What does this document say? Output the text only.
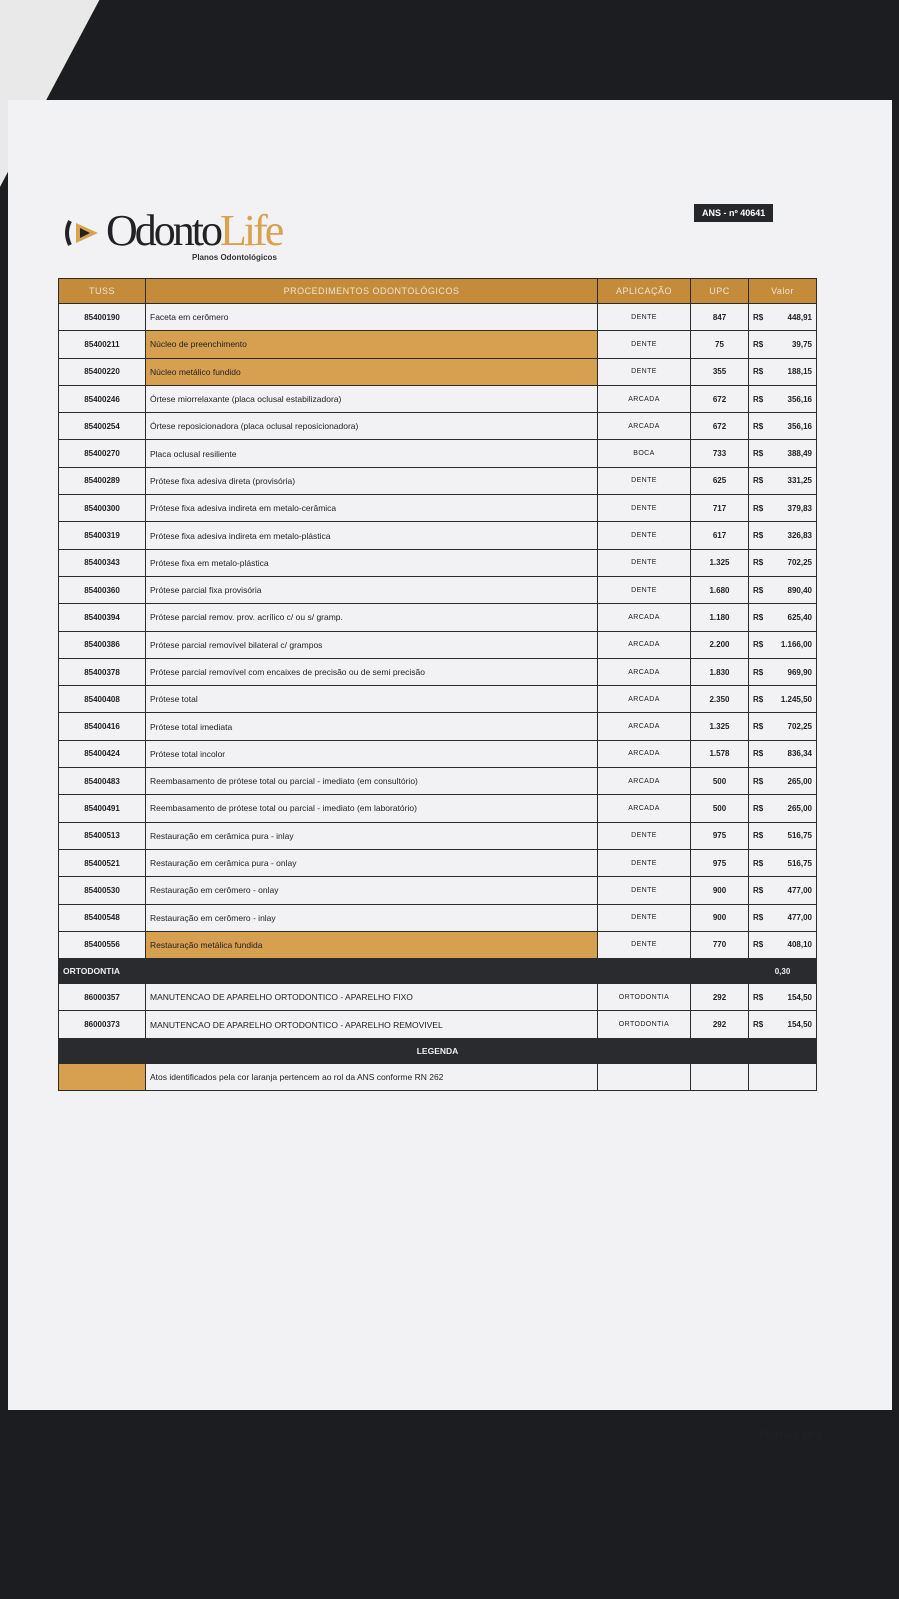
OdontoLife
Planos Odontológicos
ANS - nº 40641
TUSS	PROCEDIMENTOS ODONTOLÓGICOS	APLICAÇÃO	UPC	Valor
85400190	Faceta em cerômero	DENTE	847	R$ 448,91

85400211	Núcleo de preenchimento	DENTE	75	R$ 39,75

85400220	Núcleo metálico fundido	DENTE	355	R$ 188,15

85400246	Órtese miorrelaxante (placa oclusal estabilizadora)	ARCADA	672	R$ 356,16

85400254	Órtese reposicionadora (placa oclusal reposicionadora)	ARCADA	672	R$ 356,16

85400270	Placa oclusal resiliente	BOCA	733	R$ 388,49

85400289	Prótese fixa adesiva direta (provisória)	DENTE	625	R$ 331,25

85400300	Prótese fixa adesiva indireta em metalo-cerâmica	DENTE	717	R$ 379,83

85400319	Prótese fixa adesiva indireta em metalo-plástica	DENTE	617	R$ 326,83

85400343	Prótese fixa em metalo-plástica	DENTE	1.325	R$ 702,25

85400360	Prótese parcial fixa provisória	DENTE	1.680	R$ 890,40

85400394	Prótese parcial remov. prov. acrílico c/ ou s/ gramp.	ARCADA	1.180	R$ 625,40

85400386	Prótese parcial removível bilateral c/ grampos	ARCADA	2.200	R$ 1.166,00

85400378	Prótese parcial removível com encaixes de precisão ou de semi precisão	ARCADA	1.830	R$ 969,90

85400408	Prótese total	ARCADA	2.350	R$ 1.245,50

85400416	Prótese total imediata	ARCADA	1.325	R$ 702,25

85400424	Prótese total incolor	ARCADA	1.578	R$ 836,34

85400483	Reembasamento de prótese total ou parcial - imediato (em consultório)	ARCADA	500	R$ 265,00

85400491	Reembasamento de prótese total ou parcial - imediato (em laboratório)	ARCADA	500	R$ 265,00

85400513	Restauração em cerâmica pura - inlay	DENTE	975	R$ 516,75

85400521	Restauração em cerâmica pura - onlay	DENTE	975	R$ 516,75

85400530	Restauração em cerômero - onlay	DENTE	900	R$ 477,00

85400548	Restauração em cerômero - inlay	DENTE	900	R$ 477,00

85400556	Restauração metálica fundida	DENTE	770	R$ 408,10

ORTODONTIA				0,30
86000357	MANUTENCAO DE APARELHO ORTODONTICO - APARELHO FIXO	ORTODONTIA	292	R$ 154,50

86000373	MANUTENCAO DE APARELHO ORTODONTICO - APARELHO REMOVIVEL	ORTODONTIA	292	R$ 154,50

LEGENDA				
	Atos identificados pela cor laranja pertencem ao rol da ANS conforme RN 262			
Página 6 de 6
